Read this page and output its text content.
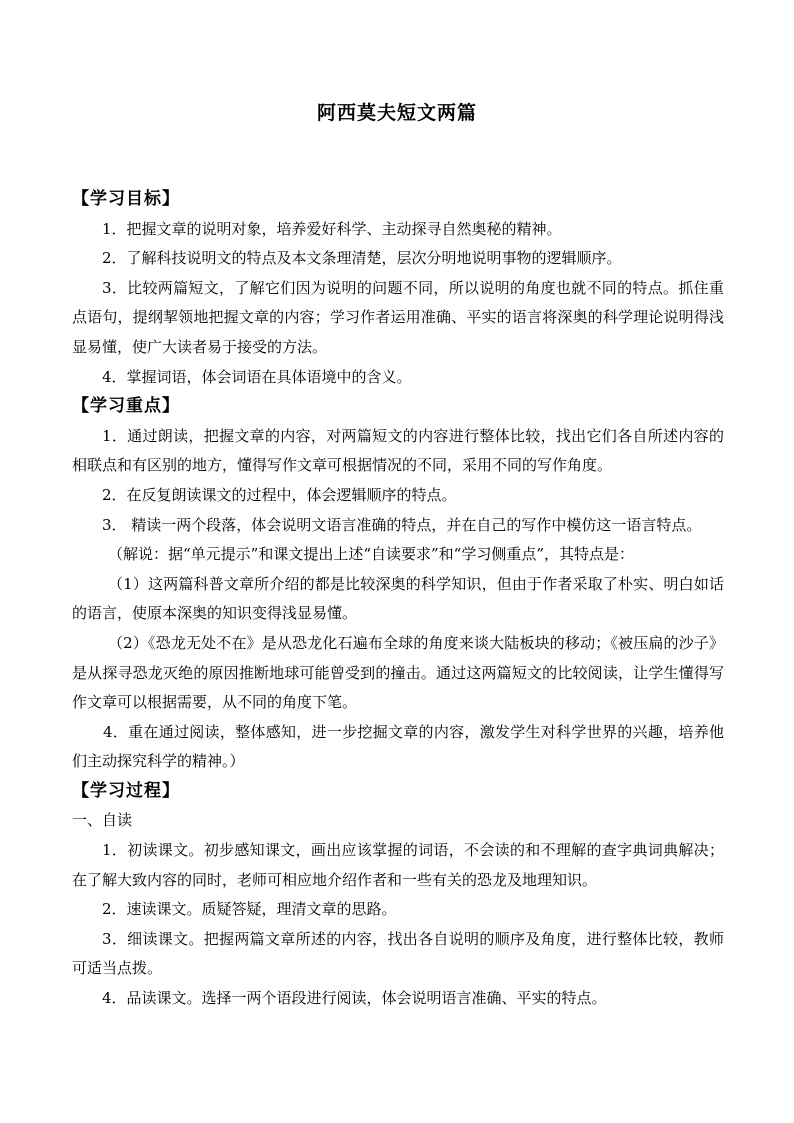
阿西莫夫短文两篇
【学习目标】

1．把握文章的说明对象，培养爱好科学、主动探寻自然奥秘的精神。

2．了解科技说明文的特点及本文条理清楚，层次分明地说明事物的逻辑顺序。

3．比较两篇短文，了解它们因为说明的问题不同，所以说明的角度也就不同的特点。抓住重点语句，提纲挈领地把握文章的内容；学习作者运用准确、平实的语言将深奥的科学理论说明得浅显易懂，使广大读者易于接受的方法。

4．掌握词语，体会词语在具体语境中的含义。

【学习重点】

1．通过朗读，把握文章的内容，对两篇短文的内容进行整体比较，找出它们各自所述内容的相联点和有区别的地方，懂得写作文章可根据情况的不同，采用不同的写作角度。

2．在反复朗读课文的过程中，体会逻辑顺序的特点。

3． 精读一两个段落，体会说明文语言准确的特点，并在自己的写作中模仿这一语言特点。

（解说：据“单元提示”和课文提出上述“自读要求”和“学习侧重点”，其特点是：

（1）这两篇科普文章所介绍的都是比较深奥的科学知识，但由于作者采取了朴实、明白如话的语言，使原本深奥的知识变得浅显易懂。

（2）《恐龙无处不在》是从恐龙化石遍布全球的角度来谈大陆板块的移动；《被压扁的沙子》是从探寻恐龙灭绝的原因推断地球可能曾受到的撞击。通过这两篇短文的比较阅读，让学生懂得写作文章可以根据需要，从不同的角度下笔。

4．重在通过阅读，整体感知，进一步挖掘文章的内容，激发学生对科学世界的兴趣，培养他们主动探究科学的精神。）

【学习过程】

一、自读

1．初读课文。初步感知课文，画出应该掌握的词语，不会读的和不理解的查字典词典解决；在了解大致内容的同时，老师可相应地介绍作者和一些有关的恐龙及地理知识。

2．速读课文。质疑答疑，理清文章的思路。

3．细读课文。把握两篇文章所述的内容，找出各自说明的顺序及角度，进行整体比较，教师可适当点拨。

4．品读课文。选择一两个语段进行阅读，体会说明语言准确、平实的特点。
